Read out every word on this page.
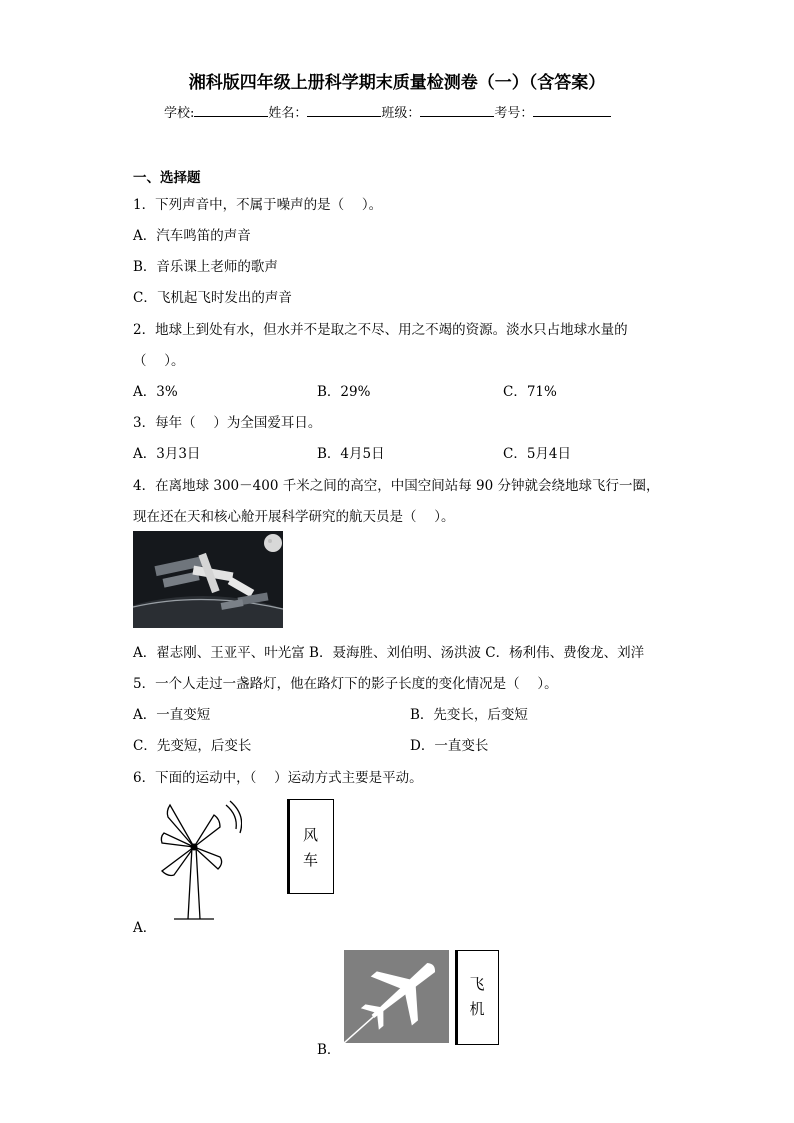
湘科版四年级上册科学期末质量检测卷（一）（含答案）
学校:	姓名：	班级：	考号：
一、选择题
1．下列声音中，不属于噪声的是（　 ）。
A．汽车鸣笛的声音
B．音乐课上老师的歌声
C．飞机起飞时发出的声音
2．地球上到处有水，但水并不是取之不尽、用之不竭的资源。淡水只占地球水量的
（　 ）。
A．3%	B．29%	C．71%
3．每年（　 ）为全国爱耳日。
A．3月3日	B．4月5日	C．5月4日
4．在离地球 300－400 千米之间的高空，中国空间站每 90 分钟就会绕地球飞行一圈，
现在还在天和核心舱开展科学研究的航天员是（　 ）。
A．翟志刚、王亚平、叶光富 B．聂海胜、刘伯明、汤洪波 C．杨利伟、费俊龙、刘洋
5．一个人走过一盏路灯，他在路灯下的影子长度的变化情况是（　 ）。
A．一直变短	B．先变长，后变短
C．先变短，后变长	D．一直变长
6．下面的运动中，（　 ）运动方式主要是平动。
风
车
A．
飞
机
B．
